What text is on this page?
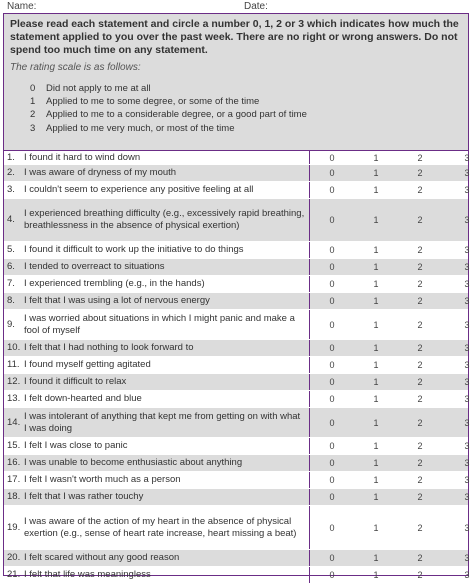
Name:	Date:
Please read each statement and circle a number 0, 1, 2 or 3 which indicates how much the statement applied to you over the past week. There are no right or wrong answers. Do not spend too much time on any statement.
The rating scale is as follows:
0	Did not apply to me at all
1	Applied to me to some degree, or some of the time
2	Applied to me to a considerable degree, or a good part of time
3	Applied to me very much, or most of the time
1. I found it hard to wind down	0	1	2	3
2. I was aware of dryness of my mouth	0	1	2	3
3. I couldn't seem to experience any positive feeling at all	0	1	2	3
4.
I experienced breathing difficulty (e.g., excessively rapid breathing, breathlessness in the absence of physical exertion)	0	1	2	3
5. I found it difficult to work up the initiative to do things	0	1	2	3
6. I tended to overreact to situations	0	1	2	3
7. I experienced trembling (e.g., in the hands)	0	1	2	3
8. I felt that I was using a lot of nervous energy	0	1	2	3
9.
I was worried about situations in which I might panic and make a fool of myself	0	1	2	3
10. I felt that I had nothing to look forward to	0	1	2	3
11. I found myself getting agitated	0	1	2	3
12. I found it difficult to relax	0	1	2	3
13. I felt down-hearted and blue	0	1	2	3
14.
I was intolerant of anything that kept me from getting on with what I was doing	0	1	2	3
15. I felt I was close to panic	0	1	2	3
16. I was unable to become enthusiastic about anything	0	1	2	3
17. I felt I wasn't worth much as a person	0	1	2	3
18. I felt that I was rather touchy	0	1	2	3
19.
I was aware of the action of my heart in the absence of physical exertion (e.g., sense of heart rate increase, heart missing a beat)	0	1	2	3
20. I felt scared without any good reason	0	1	2	3
21. I felt that life was meaningless	0	1	2	3
